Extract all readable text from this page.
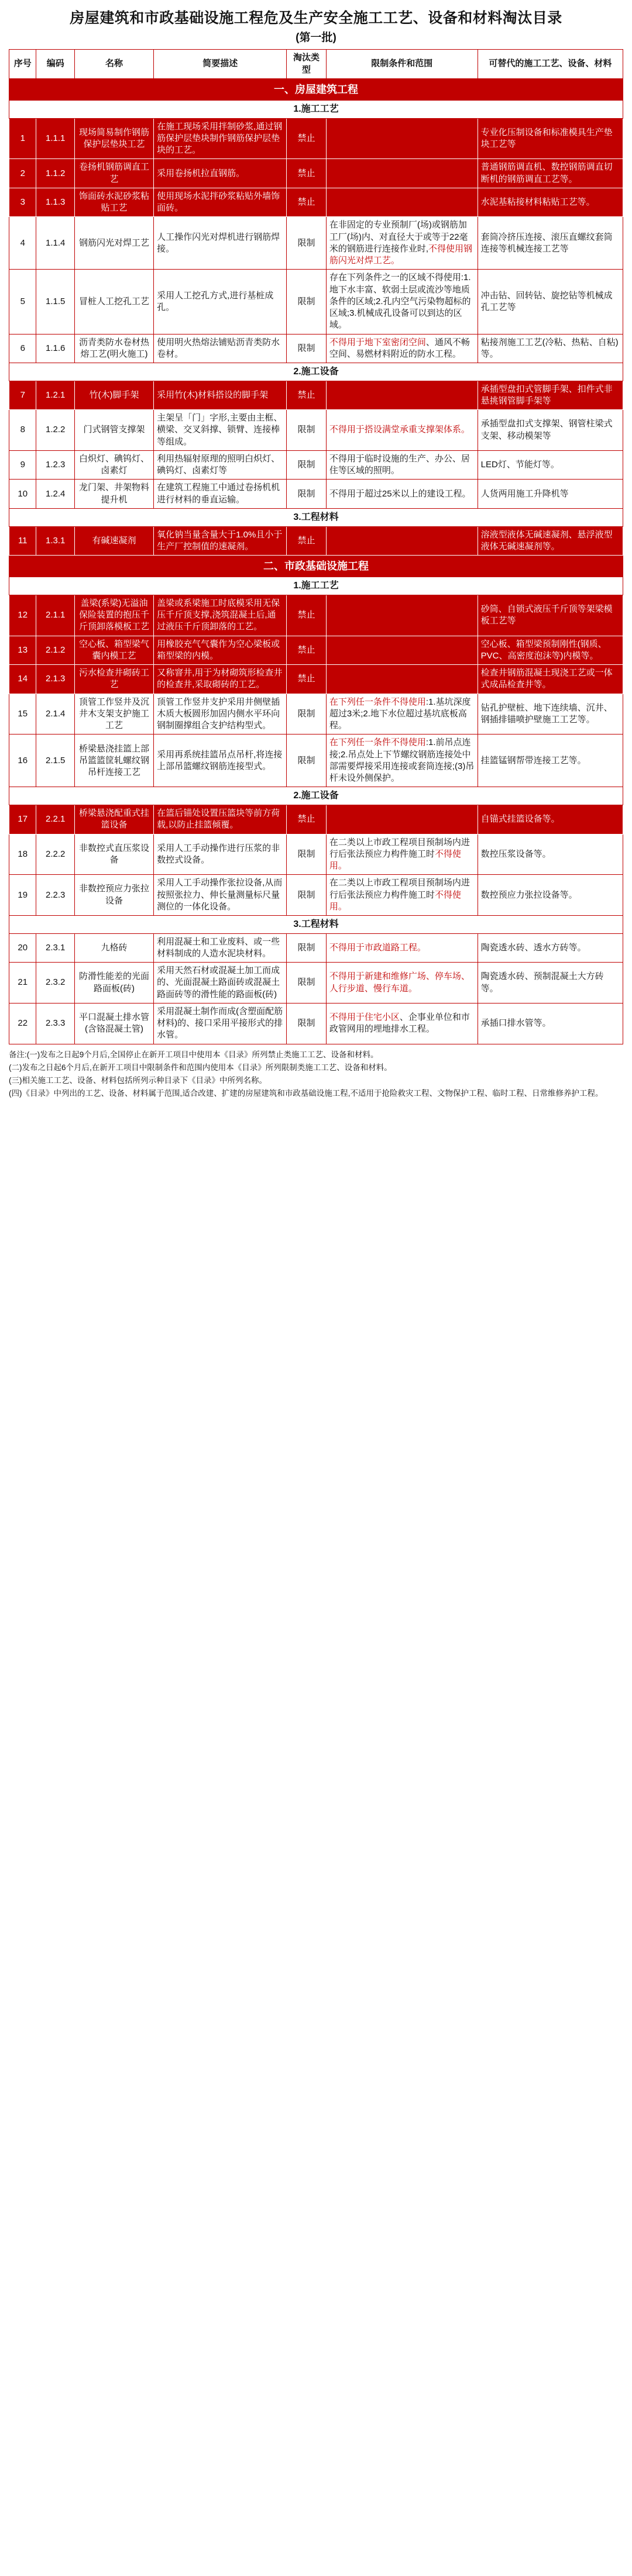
房屋建筑和市政基础设施工程危及生产安全施工工艺、设备和材料淘汰目录
(第一批)
序号	编码	名称	简要描述	淘汰类型	限制条件和范围	可替代的施工工艺、设备、材料
一、房屋建筑工程						
1.施工工艺						
1	1.1.1	现场简易制作钢筋保护层垫块工艺	在施工现场采用拌制砂浆,通过钢筋保护层垫块制作钢筋保护层垫块的工艺。	禁止		专业化压制设备和标准模具生产垫块工艺等
2	1.1.2	卷扬机钢筋调直工艺	采用卷扬机拉直钢筋。	禁止		普通钢筋调直机、数控钢筋调直切断机的钢筋调直工艺等。
3	1.1.3	饰面砖水泥砂浆粘贴工艺	使用现场水泥拌砂浆粘贴外墙饰面砖。	禁止		水泥基粘接材料粘贴工艺等。
4	1.1.4	钢筋闪光对焊工艺	人工操作闪光对焊机进行钢筋焊接。	限制	在非固定的专业预制厂(场)或钢筋加工厂(场)内、对直径大于或等于22毫米的钢筋进行连接作业时,不得使用钢筋闪光对焊工艺。	套筒冷挤压连接、滚压直螺纹套筒连接等机械连接工艺等
5	1.1.5	冒桩人工挖孔工艺	采用人工挖孔方式,进行基桩成孔。	限制	存在下列条件之一的区域不得使用:1.地下水丰富、软弱土层或流沙等地质条件的区域;2.孔内空气污染物超标的区域;3.机械成孔设备可以到达的区域。	冲击钻、回转钻、旋挖钻等机械成孔工艺等
6	1.1.6	沥青类防水卷材热熔工艺(明火施工)	使用明火热熔法铺贴沥青类防水卷材。	限制	不得用于地下室密闭空间、通风不畅空间、易燃材料附近的防水工程。	粘接剂施工工艺(冷粘、热粘、自粘)等。
2.施工设备						
7	1.2.1	竹(木)脚手架	采用竹(木)材料搭设的脚手架	禁止		承插型盘扣式管脚手架、扣件式非悬挑钢管脚手架等
8	1.2.2	门式钢管支撑架	主架呈「门」字形,主要由主框、横梁、交叉斜撑、锁臂、连接棒等组成。	限制	不得用于搭设满堂承重支撑架体系。	承插型盘扣式支撑架、钢管柱梁式支架、移动模架等
9	1.2.3	白炽灯、碘钨灯、卤素灯	利用热辐射原理的照明白炽灯、碘钨灯、卤素灯等	限制	不得用于临时设施的生产、办公、居住等区域的照明。	LED灯、节能灯等。
10	1.2.4	龙门架、井架物料提升机	在建筑工程施工中通过卷扬机机进行材料的垂直运输。	限制	不得用于超过25米以上的建设工程。	人货两用施工升降机等
3.工程材料						
11	1.3.1	有碱速凝剂	氧化钠当量含量大于1.0%且小于生产厂控制值的速凝剂。	禁止		溶液型液体无碱速凝剂、悬浮液型液体无碱速凝剂等。
二、市政基础设施工程						
1.施工工艺						
12	2.1.1	盖梁(系梁)无溢油保险装置的抱压千斤顶卸落模板工艺	盖梁或系梁施工时底模采用无保压千斤顶支撑,浇筑混凝土后,通过液压千斤顶卸落的工艺。	禁止		砂筒、自锁式液压千斤顶等架梁模板工艺等
13	2.1.2	空心板、箱型梁气囊内模工艺	用橡胶充气气囊作为空心梁板或箱型梁的内模。	禁止		空心板、箱型梁预制刚性(钢质、PVC、高密度泡沫等)内模等。
14	2.1.3	污水检查井砌砖工艺	又称窨井,用于为材砌筑形检查井的检查井,采取砌砖的工艺。	禁止		检查井钢筋混凝土现浇工艺或一体式成品检查井等。
15	2.1.4	顶管工作竖井及沉井木支架支护施工工艺	顶管工作竖井支护采用井侧壁插木质大板圆形加固内侧水平环向钢制圈撑组合支护结构型式。	限制	在下列任一条件不得使用:1.基坑深度超过3米;2.地下水位超过基坑底板高程。	钻孔护壁桩、地下连续墙、沉井、钢插排锚喷护壁施工工艺等。
16	2.1.5	桥梁悬浇挂篮上部吊篮篮筐轧螺纹钢吊杆连接工艺	采用再系统挂篮吊点吊杆,将连接上部吊篮螺纹钢筋连接型式。	限制	在下列任一条件不得使用:1.前吊点连接;2.吊点处上下节螺纹钢筋连接处中部需要焊接采用连接或套筒连接;(3)吊杆未设外侧保护。	挂篮锰钢帮带连接工艺等。
2.施工设备						
17	2.2.1	桥梁悬浇配重式挂篮设备	在篮后锚处设置压篮块等前方荷载,以防止挂篮倾覆。	禁止		自锚式挂篮设备等。
18	2.2.2	非数控式直压浆设备	采用人工手动操作进行压浆的非数控式设备。	限制	在二类以上市政工程项目预制场内进行后张法预应力构件施工时不得使用。	数控压浆设备等。
19	2.2.3	非数控预应力张拉设备	采用人工手动操作张拉设备,从而按照张拉力、伸长量测量标尺量测位的一体化设备。	限制	在二类以上市政工程项目预制场内进行后张法预应力构件施工时不得使用。	数控预应力张拉设备等。
3.工程材料						
20	2.3.1	九格砖	利用混凝土和工业废料、或一些材料制成的人造水泥块材料。	限制	不得用于市政道路工程。	陶瓷透水砖、透水方砖等。
21	2.3.2	防滑性能差的光面路面板(砖)	采用天然石材或混凝土加工而成的、光面混凝土路面砖或混凝土路面砖等的滑性能的路面板(砖)	限制	不得用于新建和维修广场、停车场、人行步道、慢行车道。	陶瓷透水砖、预制混凝土大方砖等。
22	2.3.3	平口混凝土排水管(含铬混凝土管)	采用混凝土制作而成(含塑面配筋材料)的、接口采用平接形式的排水管。	限制	不得用于住宅小区、企事业单位和市政管网用的埋地排水工程。	承插口排水管等。

备注:(一)发布之日起9个月后,全国停止在新开工项目中使用本《目录》所列禁止类施工工艺、设备和材料。

(二)发布之日起6个月后,在新开工项目中限制条件和范围内使用本《目录》所列限制类施工工艺、设备和材料。

(三)相关施工工艺、设备、材料包括所列示种目录下《目录》中所列名称。

(四)《目录》中列出的工艺、设备、材料属于范围,适合改建、扩建的房屋建筑和市政基础设施工程,不适用于抢险救灾工程、文物保护工程、临时工程、日常维修养护工程。
